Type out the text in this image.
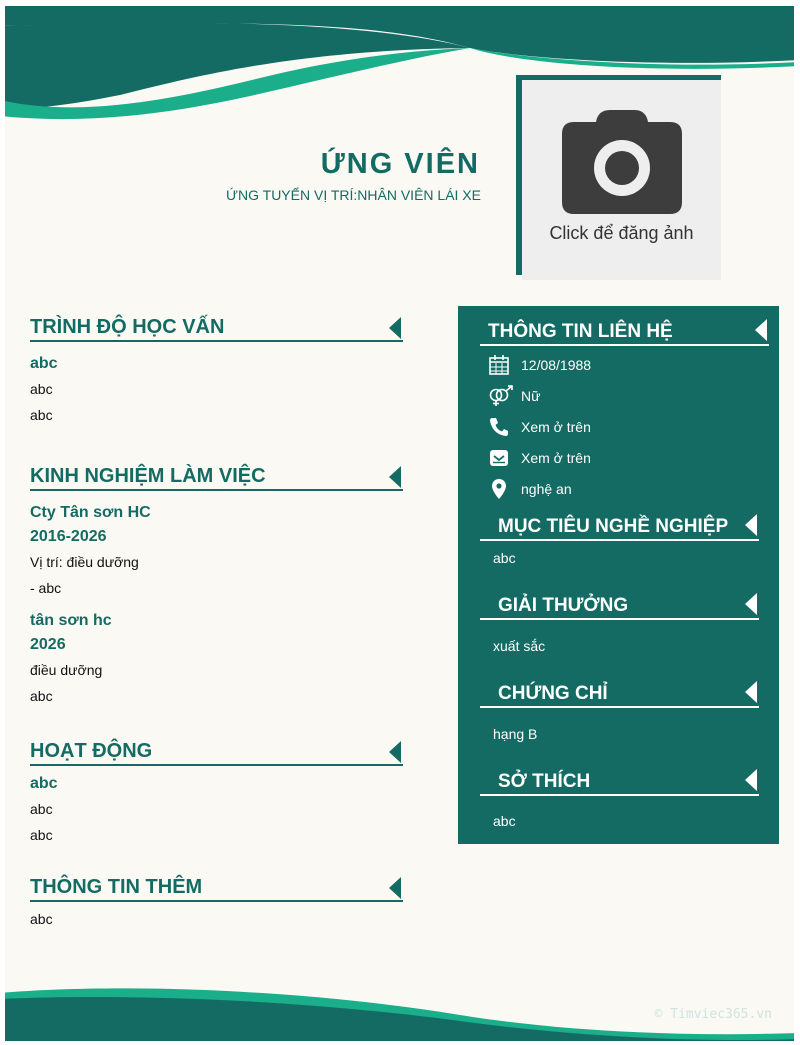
ỨNG VIÊN
ỨNG TUYỂN VỊ TRÍ:NHÂN VIÊN LÁI XE
Click để đăng ảnh
TRÌNH ĐỘ HỌC VẤN
abc
abc
abc
KINH NGHIỆM LÀM VIỆC
Cty Tân sơn HC
2016-2026
Vị trí: điều dưỡng
- abc
tân sơn hc
2026
điều dưỡng
abc
HOẠT ĐỘNG
abc
abc
abc
THÔNG TIN THÊM
abc
THÔNG TIN LIÊN HỆ
12/08/1988
Nữ
Xem ở trên
Xem ở trên
nghệ an
MỤC TIÊU NGHỀ NGHIỆP
abc
GIẢI THƯỞNG
xuất sắc
CHỨNG CHỈ
hạng B
SỞ THÍCH
abc
© Timviec365.vn
